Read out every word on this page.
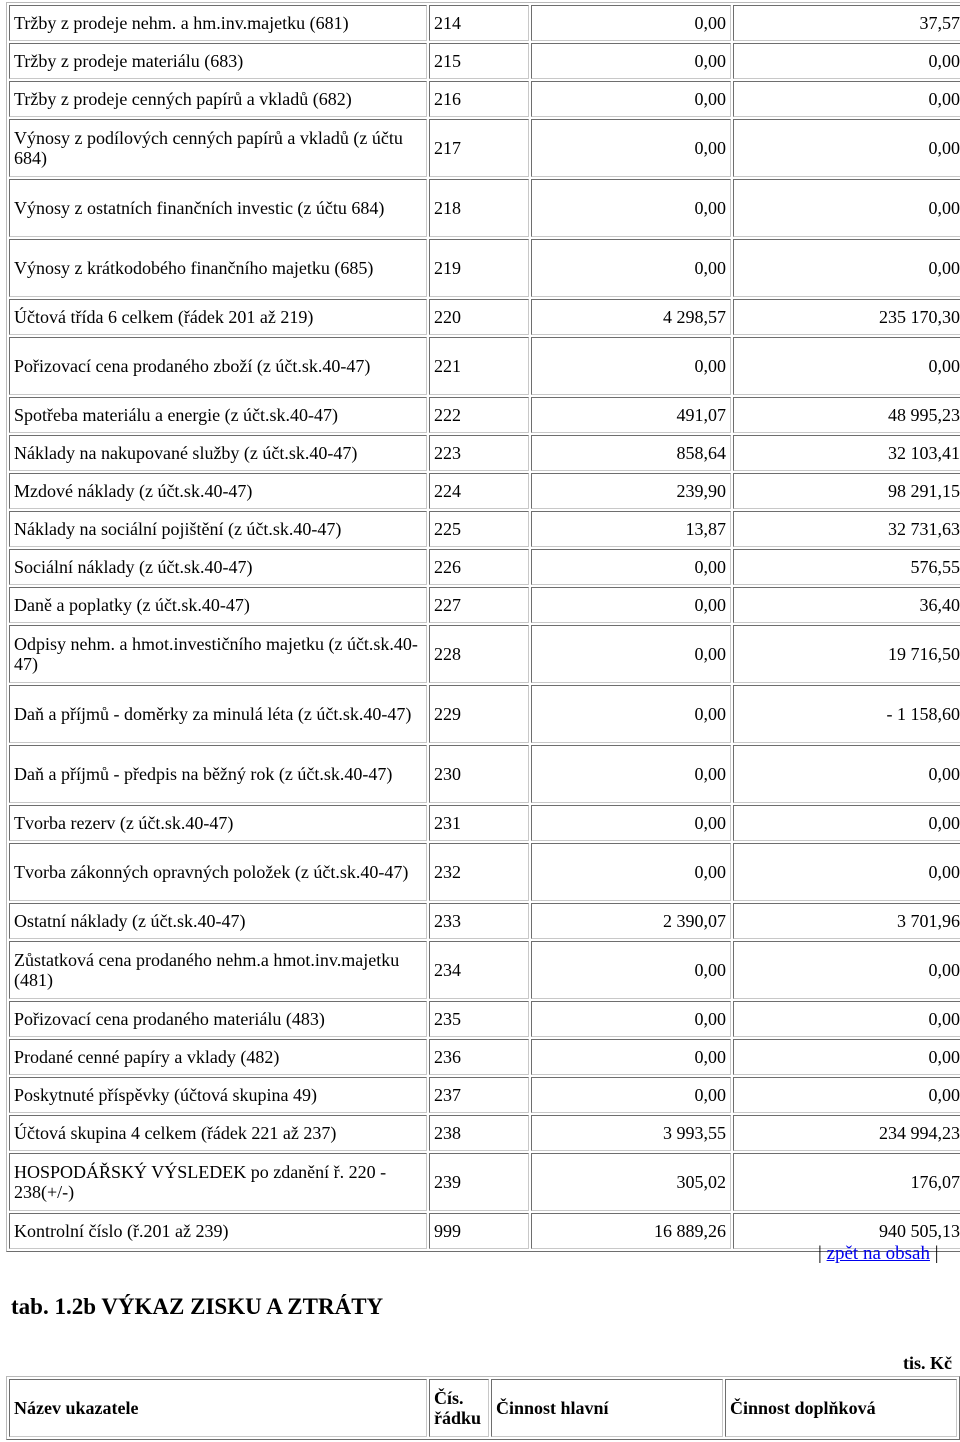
Tržby z prodeje nehm. a hm.inv.majetku (681)	214	0,00	37,57
Tržby z prodeje materiálu (683)	215	0,00	0,00
Tržby z prodeje cenných papírů a vkladů (682)	216	0,00	0,00
Výnosy z podílových cenných papírů a vkladů (z účtu 684)	217	0,00	0,00
Výnosy z ostatních finančních investic (z účtu 684)	218	0,00	0,00
Výnosy z krátkodobého finančního majetku (685)	219	0,00	0,00
Účtová třída 6 celkem (řádek 201 až 219)	220	4 298,57	235 170,30
Pořizovací cena prodaného zboží (z účt.sk.40-47)	221	0,00	0,00
Spotřeba materiálu a energie (z účt.sk.40-47)	222	491,07	48 995,23
Náklady na nakupované služby (z účt.sk.40-47)	223	858,64	32 103,41
Mzdové náklady (z účt.sk.40-47)	224	239,90	98 291,15
Náklady na sociální pojištění (z účt.sk.40-47)	225	13,87	32 731,63
Sociální náklady (z účt.sk.40-47)	226	0,00	576,55
Daně a poplatky (z účt.sk.40-47)	227	0,00	36,40
Odpisy nehm. a hmot.investičního majetku (z účt.sk.40-47)	228	0,00	19 716,50
Daň a příjmů - doměrky za minulá léta (z účt.sk.40-47)	229	0,00	- 1 158,60
Daň a příjmů - předpis na běžný rok (z účt.sk.40-47)	230	0,00	0,00
Tvorba rezerv (z účt.sk.40-47)	231	0,00	0,00
Tvorba zákonných opravných položek (z účt.sk.40-47)	232	0,00	0,00
Ostatní náklady (z účt.sk.40-47)	233	2 390,07	3 701,96
Zůstatková cena prodaného nehm.a hmot.inv.majetku (481)	234	0,00	0,00
Pořizovací cena prodaného materiálu (483)	235	0,00	0,00
Prodané cenné papíry a vklady (482)	236	0,00	0,00
Poskytnuté příspěvky (účtová skupina 49)	237	0,00	0,00
Účtová skupina 4 celkem (řádek 221 až 237)	238	3 993,55	234 994,23
HOSPODÁŘSKÝ VÝSLEDEK po zdanění ř. 220 - 238(+/-)	239	305,02	176,07
Kontrolní číslo (ř.201 až 239)	999	16 889,26	940 505,13
| zpět na obsah |
tab. 1.2b VÝKAZ ZISKU A ZTRÁTY
tis. Kč
Název ukazatele	Čís. řádku	Činnost hlavní	Činnost doplňková
